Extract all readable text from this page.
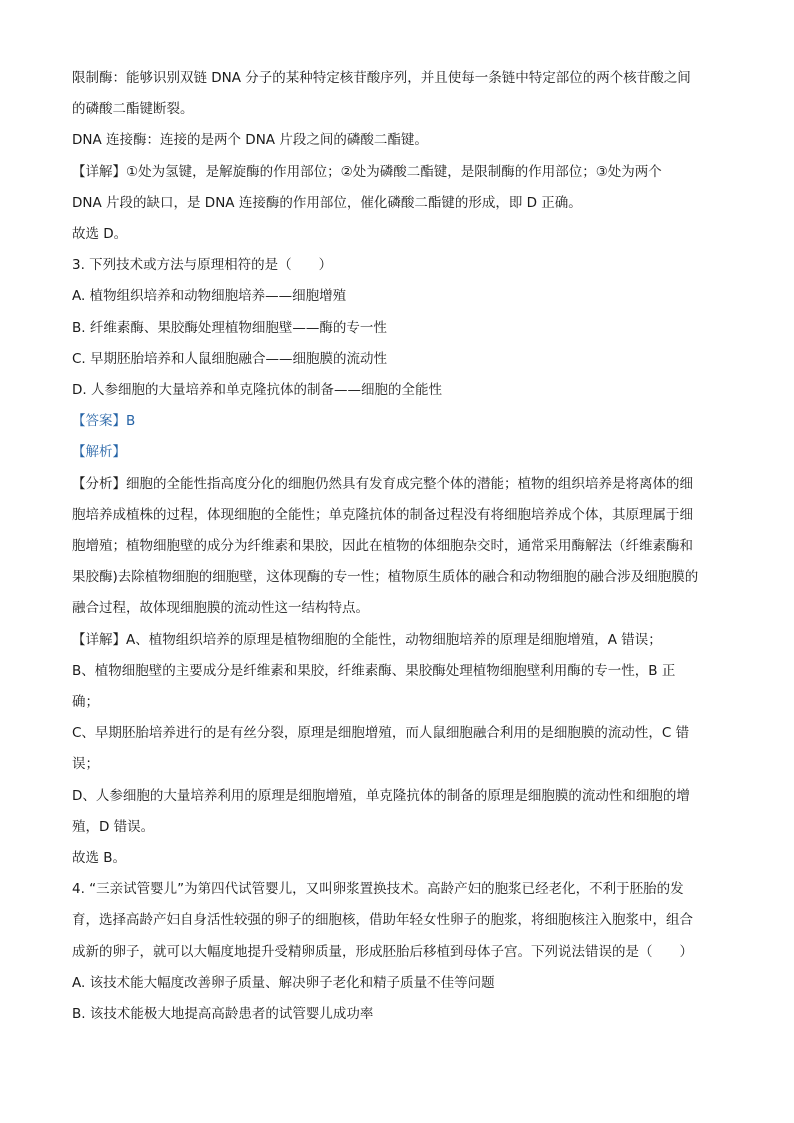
限制酶：能够识别双链 DNA 分子的某种特定核苷酸序列，并且使每一条链中特定部位的两个核苷酸之间
的磷酸二酯键断裂。
DNA 连接酶：连接的是两个 DNA 片段之间的磷酸二酯键。
【详解】①处为氢键，是解旋酶的作用部位；②处为磷酸二酯键，是限制酶的作用部位；③处为两个
DNA 片段的缺口，是 DNA 连接酶的作用部位，催化磷酸二酯键的形成，即 D 正确。
故选 D。
3. 下列技术或方法与原理相符的是（　　）
A. 植物组织培养和动物细胞培养——细胞增殖
B. 纤维素酶、果胶酶处理植物细胞壁——酶的专一性
C. 早期胚胎培养和人鼠细胞融合——细胞膜的流动性
D. 人参细胞的大量培养和单克隆抗体的制备——细胞的全能性
【答案】B
【解析】
【分析】细胞的全能性指高度分化的细胞仍然具有发育成完整个体的潜能；植物的组织培养是将离体的细
胞培养成植株的过程，体现细胞的全能性；单克隆抗体的制备过程没有将细胞培养成个体，其原理属于细
胞增殖；植物细胞壁的成分为纤维素和果胶，因此在植物的体细胞杂交时，通常采用酶解法（纤维素酶和
果胶酶)去除植物细胞的细胞壁，这体现酶的专一性；植物原生质体的融合和动物细胞的融合涉及细胞膜的
融合过程，故体现细胞膜的流动性这一结构特点。
【详解】A、植物组织培养的原理是植物细胞的全能性，动物细胞培养的原理是细胞增殖，A 错误；
B、植物细胞壁的主要成分是纤维素和果胶，纤维素酶、果胶酶处理植物细胞壁利用酶的专一性，B 正
确；
C、早期胚胎培养进行的是有丝分裂，原理是细胞增殖，而人鼠细胞融合利用的是细胞膜的流动性，C 错
误；
D、人参细胞的大量培养利用的原理是细胞增殖，单克隆抗体的制备的原理是细胞膜的流动性和细胞的增
殖，D 错误。
故选 B。
4. “三亲试管婴儿”为第四代试管婴儿，又叫卵浆置换技术。高龄产妇的胞浆已经老化，不利于胚胎的发
育，选择高龄产妇自身活性较强的卵子的细胞核，借助年轻女性卵子的胞浆，将细胞核注入胞浆中，组合
成新的卵子，就可以大幅度地提升受精卵质量，形成胚胎后移植到母体子宫。下列说法错误的是（　　）
A. 该技术能大幅度改善卵子质量、解决卵子老化和精子质量不佳等问题
B. 该技术能极大地提高高龄患者的试管婴儿成功率
